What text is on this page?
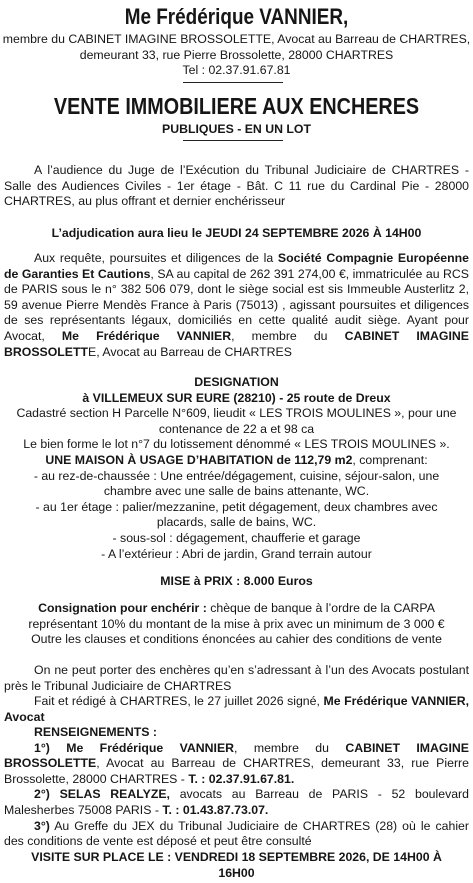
Me Frédérique VANNIER,
membre du CABINET IMAGINE BROSSOLETTE, Avocat au Barreau de CHARTRES,
demeurant 33, rue Pierre Brossolette, 28000 CHARTRES
Tel : 02.37.91.67.81
VENTE IMMOBILIERE AUX ENCHERES
PUBLIQUES - EN UN LOT
A l’audience du Juge de l’Exécution du Tribunal Judiciaire de CHARTRES - Salle des Audiences Civiles - 1er étage - Bât. C 11 rue du Cardinal Pie - 28000 CHARTRES, au plus offrant et dernier enchérisseur
L’adjudication aura lieu le JEUDI 24 SEPTEMBRE 2026 À 14H00
Aux requête, poursuites et diligences de la Société Compagnie Européenne de Garanties Et Cautions, SA au capital de 262 391 274,00 €, immatriculée au RCS de PARIS sous le n° 382 506 079, dont le siège social est sis Immeuble Austerlitz 2, 59 avenue Pierre Mendès France à Paris (75013) , agissant poursuites et diligences de ses représentants légaux, domiciliés en cette qualité audit siège. Ayant pour Avocat, Me Frédérique VANNIER, membre du CABINET IMAGINE BROSSOLETTE, Avocat au Barreau de CHARTRES
DESIGNATION
à VILLEMEUX SUR EURE (28210) - 25 route de Dreux
Cadastré section H Parcelle N°609, lieudit « LES TROIS MOULINES », pour une contenance de 22 a et 98 ca
Le bien forme le lot n°7 du lotissement dénommé « LES TROIS MOULINES ».
UNE MAISON À USAGE D’HABITATION de 112,79 m2, comprenant:
- au rez-de-chaussée : Une entrée/dégagement, cuisine, séjour-salon, une chambre avec une salle de bains attenante, WC.
- au 1er étage : palier/mezzanine, petit dégagement, deux chambres avec placards, salle de bains, WC.
- sous-sol : dégagement, chaufferie et garage
- A l’extérieur : Abri de jardin, Grand terrain autour
MISE à PRIX : 8.000 Euros
Consignation pour enchérir : chèque de banque à l’ordre de la CARPA représentant 10% du montant de la mise à prix avec un minimum de 3 000 €
Outre les clauses et conditions énoncées au cahier des conditions de vente
On ne peut porter des enchères qu’en s’adressant à l’un des Avocats postulant près le Tribunal Judiciaire de CHARTRES
Fait et rédigé à CHARTRES, le 27 juillet 2026 signé, Me Frédérique VANNIER, Avocat
RENSEIGNEMENTS :
1°) Me Frédérique VANNIER, membre du CABINET IMAGINE BROSSOLETTE, Avocat au Barreau de CHARTRES, demeurant 33, rue Pierre Brossolette, 28000 CHARTRES - T. : 02.37.91.67.81.
2°) SELAS REALYZE, avocats au Barreau de PARIS - 52 boulevard Malesherbes 75008 PARIS - T. : 01.43.87.73.07.
3°) Au Greffe du JEX du Tribunal Judiciaire de CHARTRES (28) où le cahier des conditions de vente est déposé et peut être consulté
VISITE SUR PLACE LE : VENDREDI 18 SEPTEMBRE 2026, DE 14H00 À 16H00
